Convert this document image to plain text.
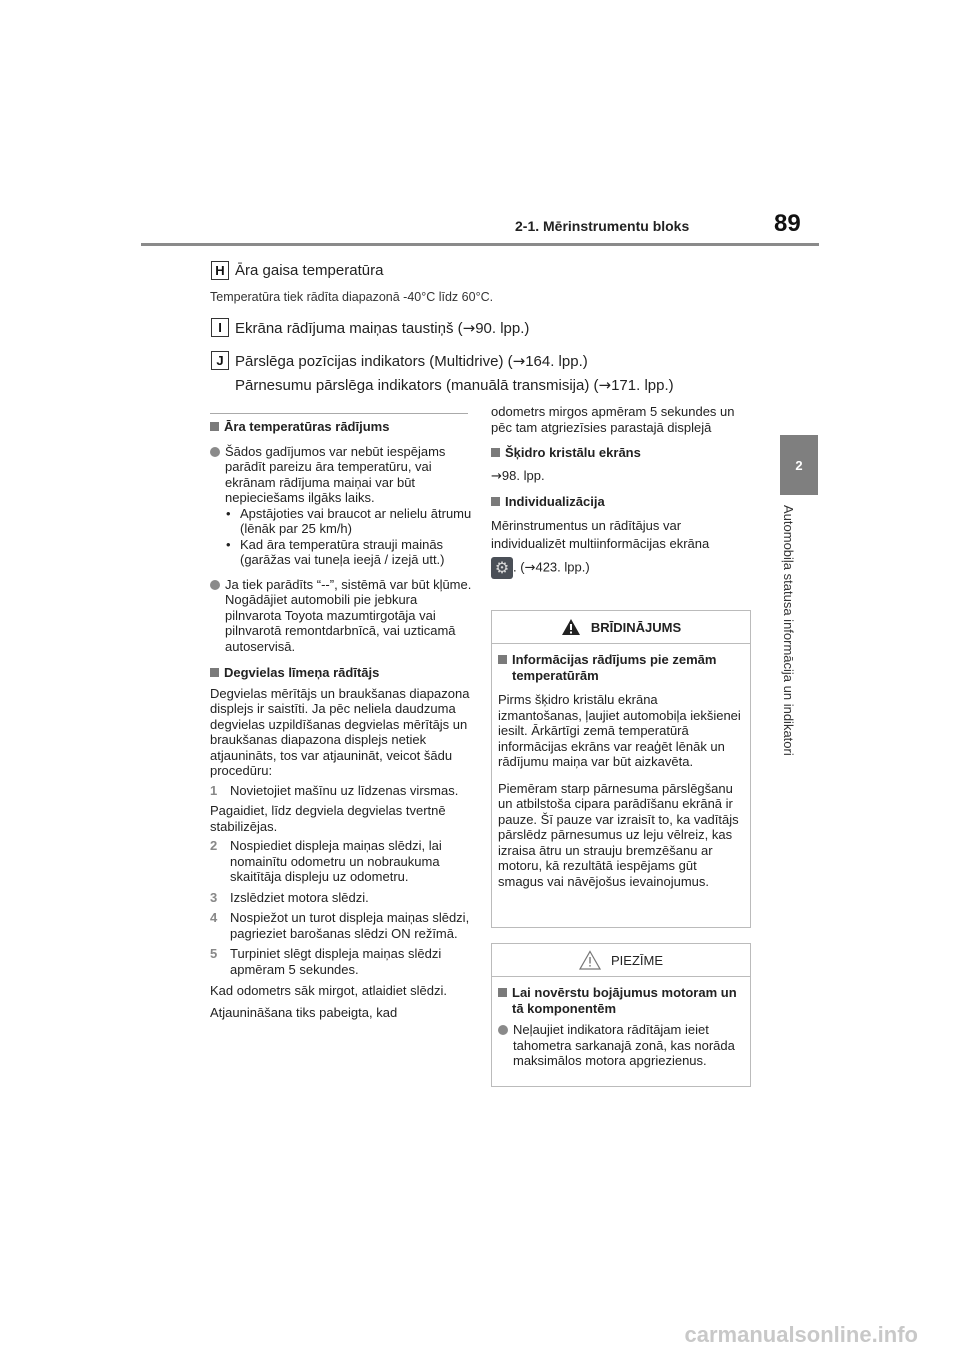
2-1. Mērinstrumentu bloks	89
2
Automobiļa statusa informācija un indikatori
H Āra gaisa temperatūra
Temperatūra tiek rādīta diapazonā -40°C līdz 60°C.
I Ekrāna rādījuma maiņas taustiņš (→90. lpp.)
J Pārslēga pozīcijas indikators (Multidrive) (→164. lpp.)
Pārnesumu pārslēga indikators (manuālā transmisija) (→171. lpp.)
Āra temperatūras rādījums
Šādos gadījumos var nebūt iespējams parādīt pareizu āra temperatūru, vai ekrānam rādījuma maiņai var būt nepieciešams ilgāks laiks.
• Apstājoties vai braucot ar nelielu ātrumu (lēnāk par 25 km/h)
• Kad āra temperatūra strauji mainās (garāžas vai tuneļa ieejā / izejā utt.)
Ja tiek parādīts “--”, sistēmā var būt kļūme. Nogādājiet automobili pie jebkura pilnvarota Toyota mazumtirgotāja vai pilnvarotā remontdarbnīcā, vai uzticamā autoservisā.
Degvielas līmeņa rādītājs

Degvielas mērītājs un braukšanas diapazona displejs ir saistīti. Ja pēc neliela daudzuma degvielas uzpildīšanas degvielas mērītājs un braukšanas diapazona displejs netiek atjaunināts, tos var atjaunināt, veicot šādu procedūru:

1 Novietojiet mašīnu uz līdzenas virsmas.

Pagaidiet, līdz degviela degvielas tvertnē stabilizējas.

2 Nospiediet displeja maiņas slēdzi, lai nomainītu odometru un nobraukuma skaitītāja displeju uz odometru.
3 Izslēdziet motora slēdzi.
4 Nospiežot un turot displeja maiņas slēdzi, pagrieziet barošanas slēdzi ON režīmā.
5 Turpiniet slēgt displeja maiņas slēdzi apmēram 5 sekundes.

Kad odometrs sāk mirgot, atlaidiet slēdzi.

Atjaunināšana tiks pabeigta, kad

odometrs mirgos apmēram 5 sekundes un pēc tam atgriezīsies parastajā displejā

Šķidro kristālu ekrāns

→98. lpp.

Individualizācija

Mērinstrumentus un rādītājus var individualizēt multiinformācijas ekrāna

⚙. (→423. lpp.)

BRĪDINĀJUMS
Informācijas rādījums pie zemām temperatūrām

Pirms šķidro kristālu ekrāna izmantošanas, ļaujiet automobiļa iekšienei iesilt. Ārkārtīgi zemā temperatūrā informācijas ekrāns var reaģēt lēnāk un rādījumu maiņa var būt aizkavēta.

Piemēram starp pārnesuma pārslēgšanu un atbilstoša cipara parādīšanu ekrānā ir pauze. Šī pauze var izraisīt to, ka vadītājs pārslēdz pārnesumus uz leju vēlreiz, kas izraisa ātru un strauju bremzēšanu ar motoru, kā rezultātā iespējams gūt smagus vai nāvējošus ievainojumus.

PIEZĪME
Lai novērstu bojājumus motoram un tā komponentēm
Neļaujiet indikatora rādītājam ieiet tahometra sarkanajā zonā, kas norāda maksimālos motora apgriezienus.
carmanualsonline.info
